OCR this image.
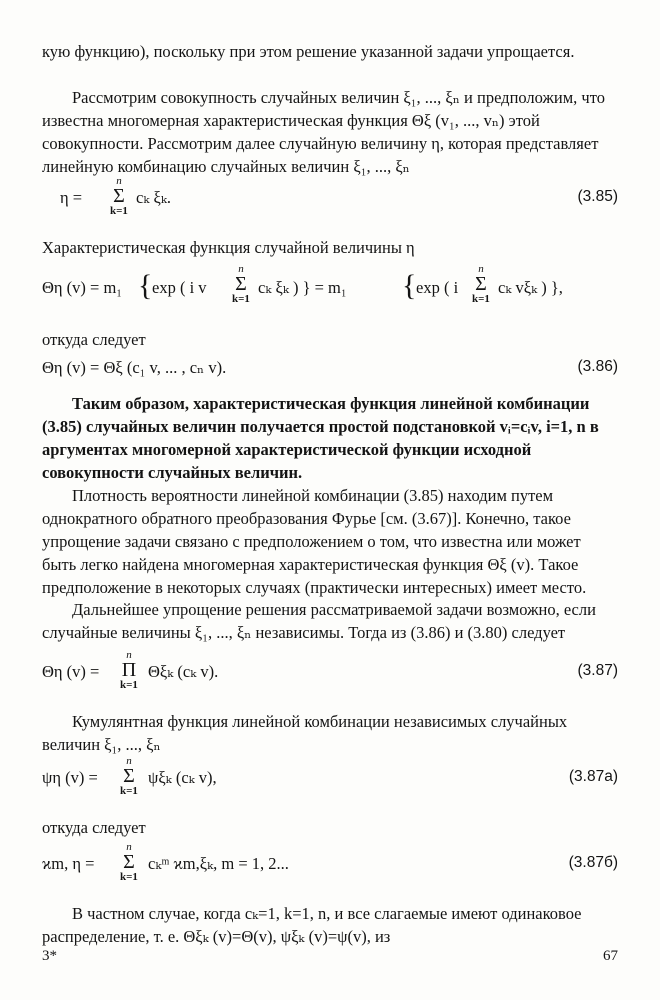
кую функцию), поскольку при этом решение указанной задачи упрощается.

Рассмотрим совокупность случайных величин ξ₁, ..., ξₙ и предположим, что известна многомерная характеристическая функция Θξ (v₁, ..., vₙ) этой совокупности. Рассмотрим далее случайную величину η, которая представляет линейную комбинацию случайных величин ξ₁, ..., ξₙ

η =
n
Σ
k=1
cₖ ξₖ.	(3.85)

Характеристическая функция случайной величины η

Θη (v) = m₁ { exp ( i v
n
Σ
k=1
cₖ ξₖ ) } = m₁ { exp ( i
n
Σ
k=1
cₖ vξₖ ) },

откуда следует

Θη (v) = Θξ (c₁ v, ... , cₙ v).	(3.86)

Таким образом, характеристическая функция линейной комбинации (3.85) случайных величин получается простой подстановкой vᵢ=cᵢv, i=1, n в аргументах многомерной характеристической функции исходной совокупности случайных величин.

Плотность вероятности линейной комбинации (3.85) находим путем однократного обратного преобразования Фурье [см. (3.67)]. Конечно, такое упрощение задачи связано с предположением о том, что известна или может быть легко найдена многомерная характеристическая функция Θξ (v). Такое предположение в некоторых случаях (практически интересных) имеет место.

Дальнейшее упрощение решения рассматриваемой задачи возможно, если случайные величины ξ₁, ..., ξₙ независимы. Тогда из (3.86) и (3.80) следует

Θη (v) =
n
Π
k=1
Θξₖ (cₖ v).	(3.87)

Кумулянтная функция линейной комбинации независимых случайных величин ξ₁, ..., ξₙ

ψη (v) =
n
Σ
k=1
ψξₖ (cₖ v),	(3.87а)

откуда следует

ϰm, η =
n
Σ
k=1
cₖᵐ ϰm,ξₖ, m = 1, 2...	(3.87б)

В частном случае, когда cₖ=1, k=1, n, и все слагаемые имеют одинаковое распределение, т. е. Θξₖ (v)=Θ(v), ψξₖ (v)=ψ(v), из

3*	67
